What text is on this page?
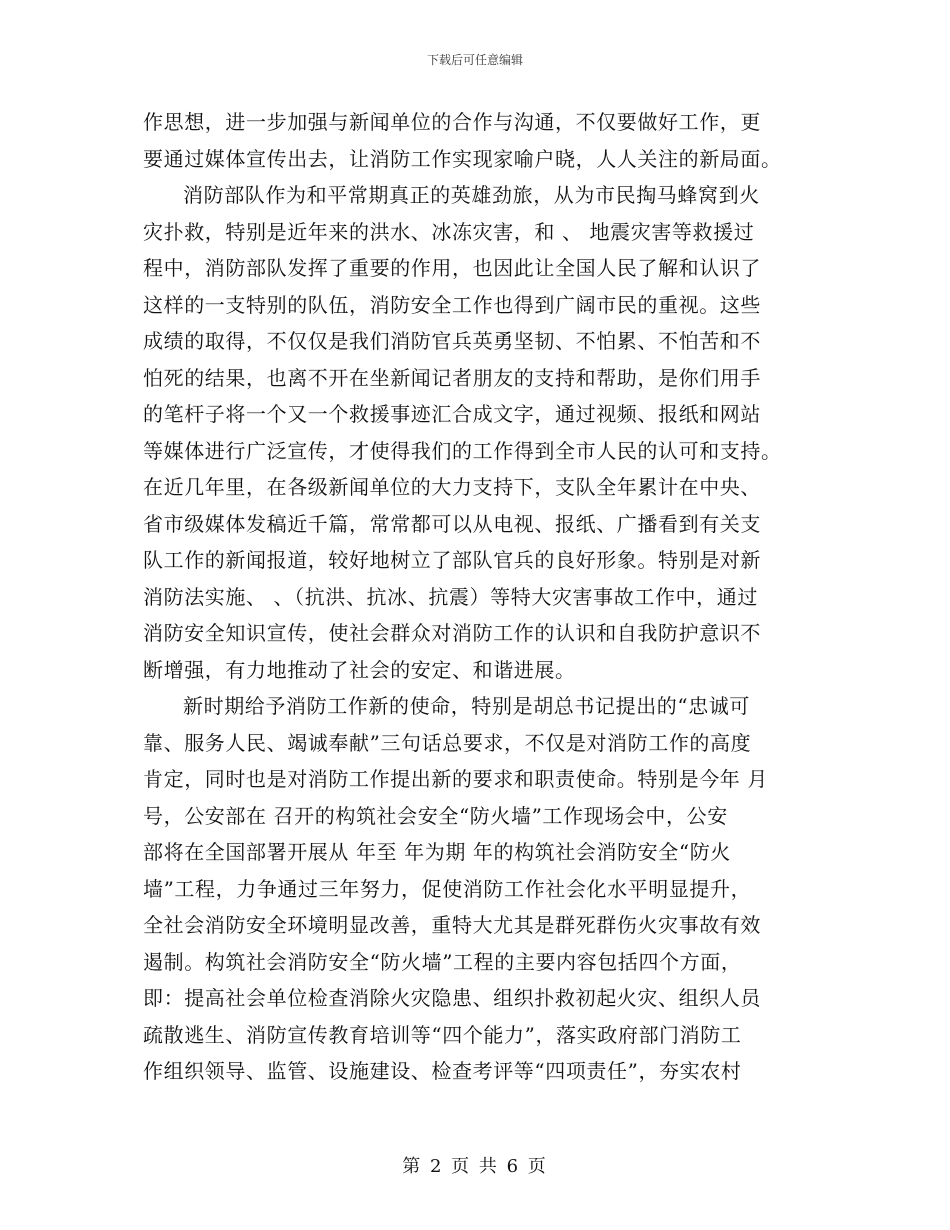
下载后可任意编辑
作思想，进一步加强与新闻单位的合作与沟通，不仅要做好工作，更
要通过媒体宣传出去，让消防工作实现家喻户晓，人人关注的新局面。
消防部队作为和平常期真正的英雄劲旅，从为市民掏马蜂窝到火
灾扑救，特别是近年来的洪水、冰冻灾害，和 、 地震灾害等救援过
程中，消防部队发挥了重要的作用，也因此让全国人民了解和认识了
这样的一支特别的队伍，消防安全工作也得到广阔市民的重视。这些
成绩的取得，不仅仅是我们消防官兵英勇坚韧、不怕累、不怕苦和不
怕死的结果，也离不开在坐新闻记者朋友的支持和帮助，是你们用手
的笔杆子将一个又一个救援事迹汇合成文字，通过视频、报纸和网站
等媒体进行广泛宣传，才使得我们的工作得到全市人民的认可和支持。
在近几年里，在各级新闻单位的大力支持下，支队全年累计在中央、
省市级媒体发稿近千篇，常常都可以从电视、报纸、广播看到有关支
队工作的新闻报道，较好地树立了部队官兵的良好形象。特别是对新
消防法实施、 、（抗洪、抗冰、抗震）等特大灾害事故工作中，通过
消防安全知识宣传，使社会群众对消防工作的认识和自我防护意识不
断增强，有力地推动了社会的安定、和谐进展。
新时期给予消防工作新的使命，特别是胡总书记提出的“忠诚可
靠、服务人民、竭诚奉献”三句话总要求，不仅是对消防工作的高度
肯定，同时也是对消防工作提出新的要求和职责使命。特别是今年 月
号，公安部在 召开的构筑社会安全“防火墙”工作现场会中，公安
部将在全国部署开展从 年至 年为期 年的构筑社会消防安全“防火
墙”工程，力争通过三年努力，促使消防工作社会化水平明显提升，
全社会消防安全环境明显改善，重特大尤其是群死群伤火灾事故有效
遏制。构筑社会消防安全“防火墙”工程的主要内容包括四个方面，
即：提高社会单位检查消除火灾隐患、组织扑救初起火灾、组织人员
疏散逃生、消防宣传教育培训等“四个能力”，落实政府部门消防工
作组织领导、监管、设施建设、检查考评等“四项责任”，夯实农村
第 2 页 共 6 页
